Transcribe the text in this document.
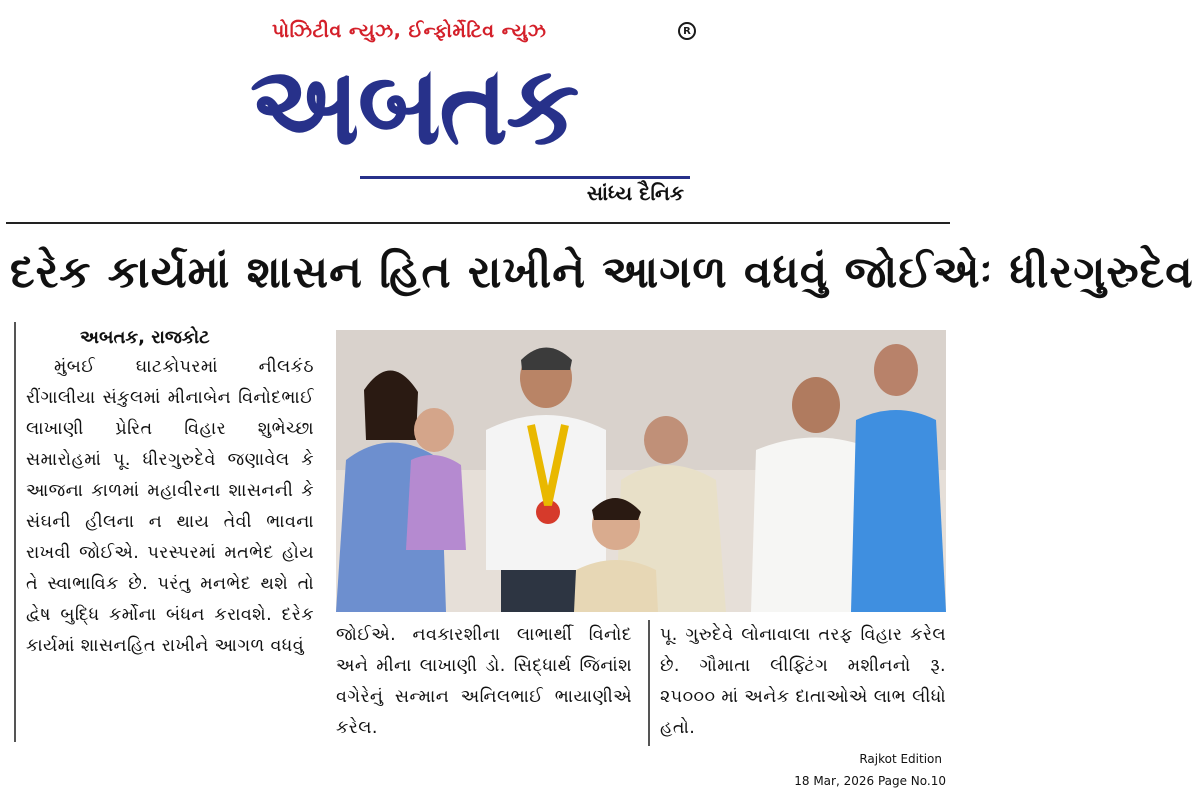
પોઝિટીવ ન્યુઝ, ઈન્ફોર્મેટિવ ન્યુઝ	R
અબતક
સાંધ્ય દૈનિક
દરેક કાર્યમાં શાસન હિત રાખીને આગળ વધવું જોઈએઃ ધીરગુરુદેવ
અબતક, રાજકોટ

મુંબઈ ઘાટકોપરમાં નીલકંઠ રીંગાલીયા સંકુલમાં મીનાબેન વિનોદભાઈ લાખાણી પ્રેરિત વિહાર શુભેચ્છા સમારોહમાં પૂ. ધીરગુરુદેવે જણાવેલ કે આજના કાળમાં મહાવીરના શાસનની કે સંઘની હીલના ન થાય તેવી ભાવના રાખવી જોઈએ. પરસ્પરમાં મતભેદ હોય તે સ્વાભાવિક છે. પરંતુ મનભેદ થશે તો દ્વેષ બુદ્ધિ કર્મોના બંધન કરાવશે. દરેક કાર્યમાં શાસનહિત રાખીને આગળ વધવું

જોઈએ. નવકારશીના લાભાર્થી વિનોદ અને મીના લાખાણી ડો. સિદ્ધાર્થ જિનાંશ વગેરેનું સન્માન અનિલભાઈ ભાયાણીએ કરેલ.
પૂ. ગુરુદેવે લોનાવાલા તરફ વિહાર કરેલ છે. ગૌમાતા લીફ્ટિંગ મશીનનો રૂ. ૨૫૦૦૦ માં અનેક દાતાઓએ લાભ લીધો હતો.
Rajkot Edition
18 Mar, 2026 Page No.10
